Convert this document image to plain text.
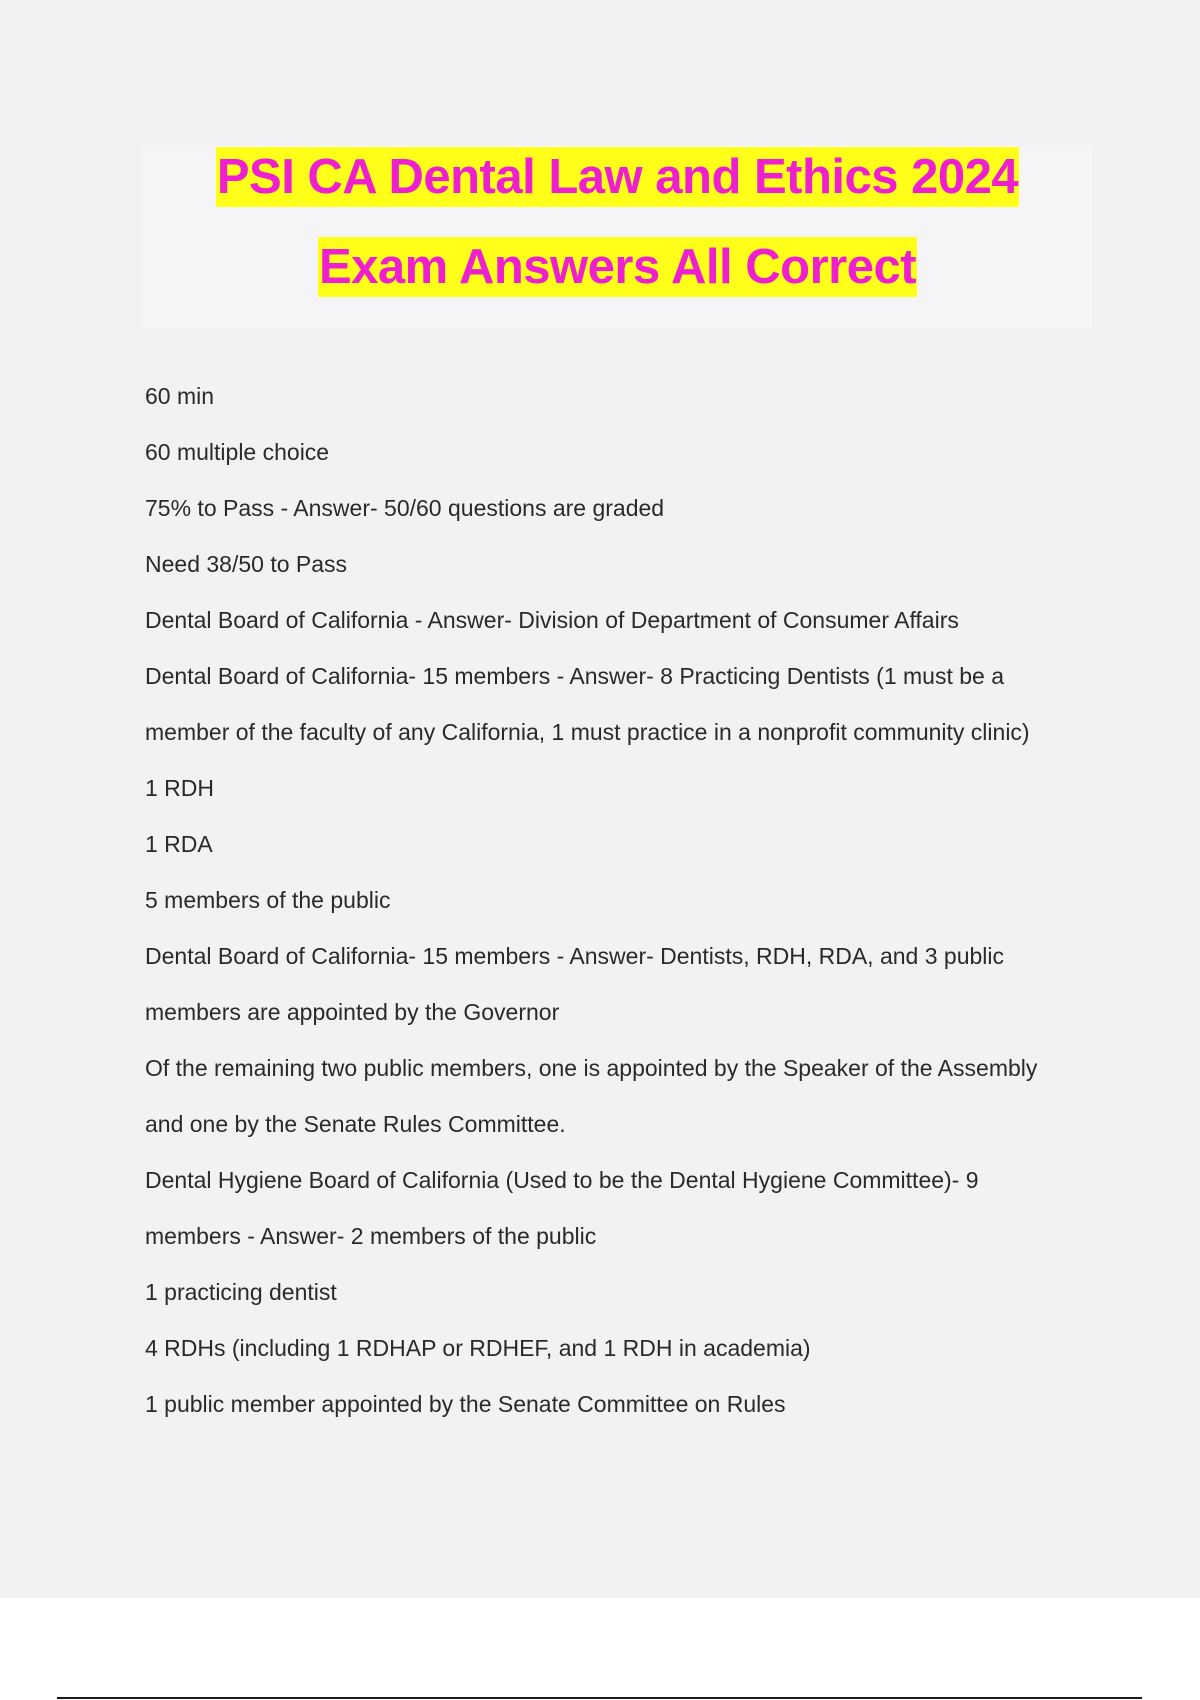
PSI CA Dental Law and Ethics 2024
Exam Answers All Correct
60 min
60 multiple choice
75% to Pass - Answer- 50/60 questions are graded
Need 38/50 to Pass
Dental Board of California - Answer- Division of Department of Consumer Affairs
Dental Board of California- 15 members - Answer- 8 Practicing Dentists (1 must be a
member of the faculty of any California, 1 must practice in a nonprofit community clinic)
1 RDH
1 RDA
5 members of the public
Dental Board of California- 15 members - Answer- Dentists, RDH, RDA, and 3 public
members are appointed by the Governor
Of the remaining two public members, one is appointed by the Speaker of the Assembly
and one by the Senate Rules Committee.
Dental Hygiene Board of California (Used to be the Dental Hygiene Committee)- 9
members - Answer- 2 members of the public
1 practicing dentist
4 RDHs (including 1 RDHAP or RDHEF, and 1 RDH in academia)
1 public member appointed by the Senate Committee on Rules
